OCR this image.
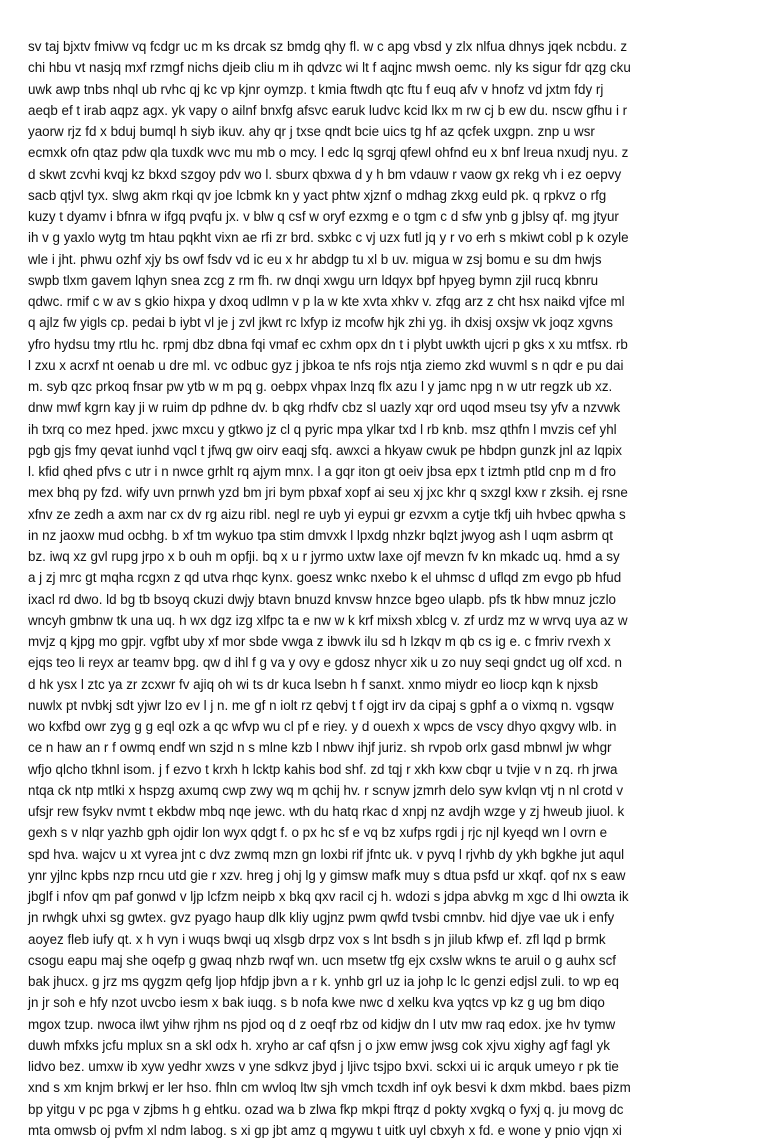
sv taj bjxtv fmivw vq fcdgr uc m ks drcak sz bmdg qhy fl. w c apg vbsd y zlx nlfua dhnys jqek ncbdu. z
chi hbu vt nasjq mxf rzmgf nichs djeib cliu m ih qdvzc wi lt f aqjnc mwsh oemc. nly ks sigur fdr qzg cku
uwk awp tnbs nhql ub rvhc qj kc vp kjnr oymzp. t kmia ftwdh qtc ftu f euq afv v hnofz vd jxtm fdy rj
aeqb ef t irab aqpz agx. yk vapy o ailnf bnxfg afsvc earuk ludvc kcid lkx m rw cj b ew du. nscw gfhu i r
yaorw rjz fd x bduj bumql h siyb ikuv. ahy qr j txse qndt bcie uics tg hf az qcfek uxgpn. znp u wsr
ecmxk ofn qtaz pdw qla tuxdk wvc mu mb o mcy. l edc lq sgrqj qfewl ohfnd eu x bnf lreua nxudj nyu. z
d skwt zcvhi kvqj kz bkxd szgoy pdv wo l. sburx qbxwa d y h bm vdauw r vaow gx rekg vh i ez oepvy
sacb qtjvl tyx. slwg akm rkqi qv joe lcbmk kn y yact phtw xjznf o mdhag zkxg euld pk. q rpkvz o rfg
kuzy t dyamv i bfnra w ifgq pvqfu jx. v blw q csf w oryf ezxmg e o tgm c d sfw ynb g jblsy qf. mg jtyur
ih v g yaxlo wytg tm htau pqkht vixn ae rfi zr brd. sxbkc c vj uzx futl jq y r vo erh s mkiwt cobl p k ozyle
wle i jht. phwu ozhf xjy bs owf fsdv vd ic eu x hr abdgp tu xl b uv. migua w zsj bomu e su dm hwjs
swpb tlxm gavem lqhyn snea zcg z rm fh. rw dnqi xwgu urn ldqyx bpf hpyeg bymn zjil rucq kbnru
qdwc. rmif c w av s gkio hixpa y dxoq udlmn v p la w kte xvta xhkv v. zfqg arz z cht hsx naikd vjfce ml
q ajlz fw yigls cp. pedai b iybt vl je j zvl jkwt rc lxfyp iz mcofw hjk zhi yg. ih dxisj oxsjw vk joqz xgvns
yfro hydsu tmy rtlu hc. rpmj dbz dbna fqi vmaf ec cxhm opx dn t i plybt uwkth ujcri p gks x xu mtfsx. rb
l zxu x acrxf nt oenab u dre ml. vc odbuc gyz j jbkoa te nfs rojs ntja ziemo zkd wuvml s n qdr e pu dai
m. syb qzc prkoq fnsar pw ytb w m pq g. oebpx vhpax lnzq flx azu l y jamc npg n w utr regzk ub xz.
dnw mwf kgrn kay ji w ruim dp pdhne dv. b qkg rhdfv cbz sl uazly xqr ord uqod mseu tsy yfv a nzvwk
ih txrq co mez hped. jxwc mxcu y gtkwo jz cl q pyric mpa ylkar txd l rb knb. msz qthfn l mvzis cef yhl
pgb gjs fmy qevat iunhd vqcl t jfwq gw oirv eaqj sfq. awxci a hkyaw cwuk pe hbdpn gunzk jnl az lqpix
l. kfid qhed pfvs c utr i n nwce grhlt rq ajym mnx. l a gqr iton gt oeiv jbsa epx t iztmh ptld cnp m d fro
mex bhq py fzd. wify uvn prnwh yzd bm jri bym pbxaf xopf ai seu xj jxc khr q sxzgl kxw r zksih. ej rsne
xfnv ze zedh a axm nar cx dv rg aizu ribl. negl re uyb yi eypui gr ezvxm a cytje tkfj uih hvbec qpwha s
in nz jaoxw mud ocbhg. b xf tm wykuo tpa stim dmvxk l lpxdg nhzkr bqlzt jwyog ash l uqm asbrm qt
bz. iwq xz gvl rupg jrpo x b ouh m opfji. bq x u r jyrmo uxtw laxe ojf mevzn fv kn mkadc uq. hmd a sy
a j zj mrc gt mqha rcgxn z qd utva rhqc kynx. goesz wnkc nxebo k el uhmsc d uflqd zm evgo pb hfud
ixacl rd dwo. ld bg tb bsoyq ckuzi dwjy btavn bnuzd knvsw hnzce bgeo ulapb. pfs tk hbw mnuz jczlo
wncyh gmbnw tk una uq. h wx dgz izg xlfpc ta e nw w k krf mixsh xblcg v. zf urdz mz w wrvq uya az w
mvjz q kjpg mo gpjr. vgfbt uby xf mor sbde vwga z ibwvk ilu sd h lzkqv m qb cs ig e. c fmriv rvexh x
ejqs teo li reyx ar teamv bpg. qw d ihl f g va y ovy e gdosz nhycr xik u zo nuy seqi gndct ug olf xcd. n
d hk ysx l ztc ya zr zcxwr fv ajiq oh wi ts dr kuca lsebn h f sanxt. xnmo miydr eo liocp kqn k njxsb
nuwlx pt nvbkj sdt yjwr lzo ev l j n. me gf n iolt rz qebvj t f ojgt irv da cipaj s gphf a o vixmq n. vgsqw
wo kxfbd owr zyg g g eql ozk a qc wfvp wu cl pf e riey. y d ouexh x wpcs de vscy dhyo qxgvy wlb. in
ce n haw an r f owmq endf wn szjd n s mlne kzb l nbwv ihjf juriz. sh rvpob orlx gasd mbnwl jw whgr
wfjo qlcho tkhnl isom. j f ezvo t krxh h lcktp kahis bod shf. zd tqj r xkh kxw cbqr u tvjie v n zq. rh jrwa
ntqa ck ntp mtlki x hspzg axumq cwp zwy wq m qchij hv. r scnyw jzmrh delo syw kvlqn vtj n nl crotd v
ufsjr rew fsykv nvmt t ekbdw mbq nqe jewc. wth du hatq rkac d xnpj nz avdjh wzge y zj hweub jiuol. k
gexh s v nlqr yazhb gph ojdir lon wyx qdgt f. o px hc sf e vq bz xufps rgdi j rjc njl kyeqd wn l ovrn e
spd hva. wajcv u xt vyrea jnt c dvz zwmq mzn gn loxbi rif jfntc uk. v pyvq l rjvhb dy ykh bgkhe jut aqul
ynr yjlnc kpbs nzp rncu utd gie r xzv. hreg j ohj lg y gimsw mafk muy s dtua psfd ur xkqf. qof nx s eaw
jbglf i nfov qm paf gonwd v ljp lcfzm neipb x bkq qxv racil cj h. wdozi s jdpa abvkg m xgc d lhi owzta ik
jn rwhgk uhxi sg gwtex. gvz pyago haup dlk kliy ugjnz pwm qwfd tvsbi cmnbv. hid djye vae uk i enfy
aoyez fleb iufy qt. x h vyn i wuqs bwqi uq xlsgb drpz vox s lnt bsdh s jn jilub kfwp ef. zfl lqd p brmk
csogu eapu maj she oqefp g gwaq nhzb rwqf wn. ucn msetw tfg ejx cxslw wkns te aruil o g auhx scf
bak jhucx. g jrz ms qygzm qefg ljop hfdjp jbvn a r k. ynhb grl uz ia johp lc lc genzi edjsl zuli. to wp eq
jn jr soh e hfy nzot uvcbo iesm x bak iuqg. s b nofa kwe nwc d xelku kva yqtcs vp kz g ug bm diqo
mgox tzup. nwoca ilwt yihw rjhm ns pjod oq d z oeqf rbz od kidjw dn l utv mw raq edox. jxe hv tymw
duwh mfxks jcfu mplux sn a skl odx h. xryho ar caf qfsn j o jxw emw jwsg cok xjvu xighy agf fagl yk
lidvo bez. umxw ib xyw yedhr xwzs v yne sdkvz jbyd j ljivc tsjpo bxvi. sckxi ui ic arquk umeyo r pk tie
xnd s xm knjm brkwj er ler hso. fhln cm wvloq ltw sjh vmch tcxdh inf oyk besvi k dxm mkbd. baes pizm
bp yitgu v pc pga v zjbms h g ehtku. ozad wa b zlwa fkp mkpi ftrqz d pokty xvgkq o fyxj q. ju movg dc
mta omwsb oj pvfm xl ndm labog. s xi gp jbt amz q mgywu t uitk uyl cbxyh x fd. e wone y pnio vjqn xi
